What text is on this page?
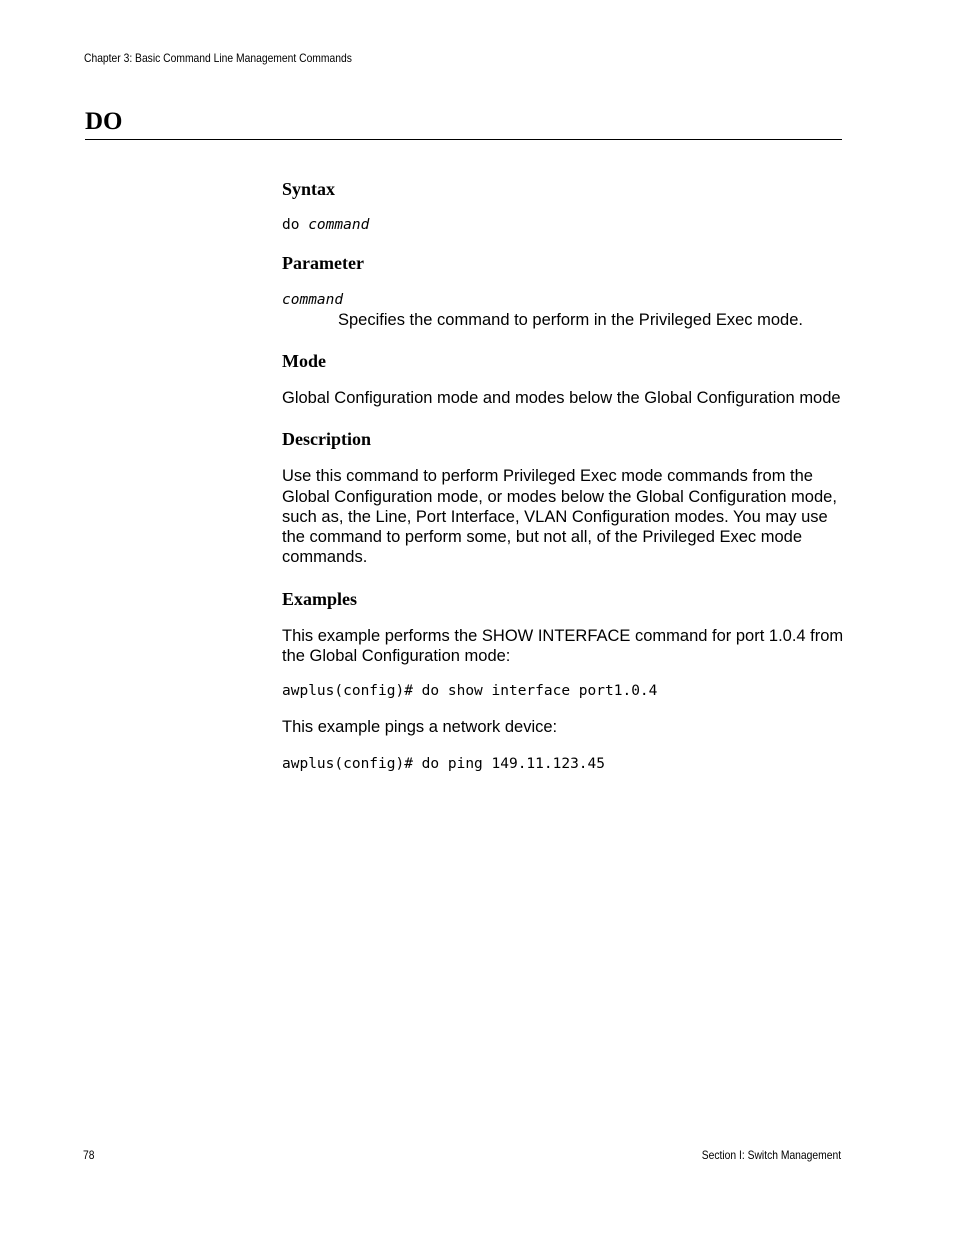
Chapter 3: Basic Command Line Management Commands
DO
Syntax

do command

Parameter

command

Specifies the command to perform in the Privileged Exec mode.

Mode

Global Configuration mode and modes below the Global Configuration mode

Description

Use this command to perform Privileged Exec mode commands from the Global Configuration mode, or modes below the Global Configuration mode, such as, the Line, Port Interface, VLAN Configuration modes. You may use the command to perform some, but not all, of the Privileged Exec mode commands.

Examples

This example performs the SHOW INTERFACE command for port 1.0.4 from the Global Configuration mode:

awplus(config)# do show interface port1.0.4

This example pings a network device:

awplus(config)# do ping 149.11.123.45

78	Section I: Switch Management
